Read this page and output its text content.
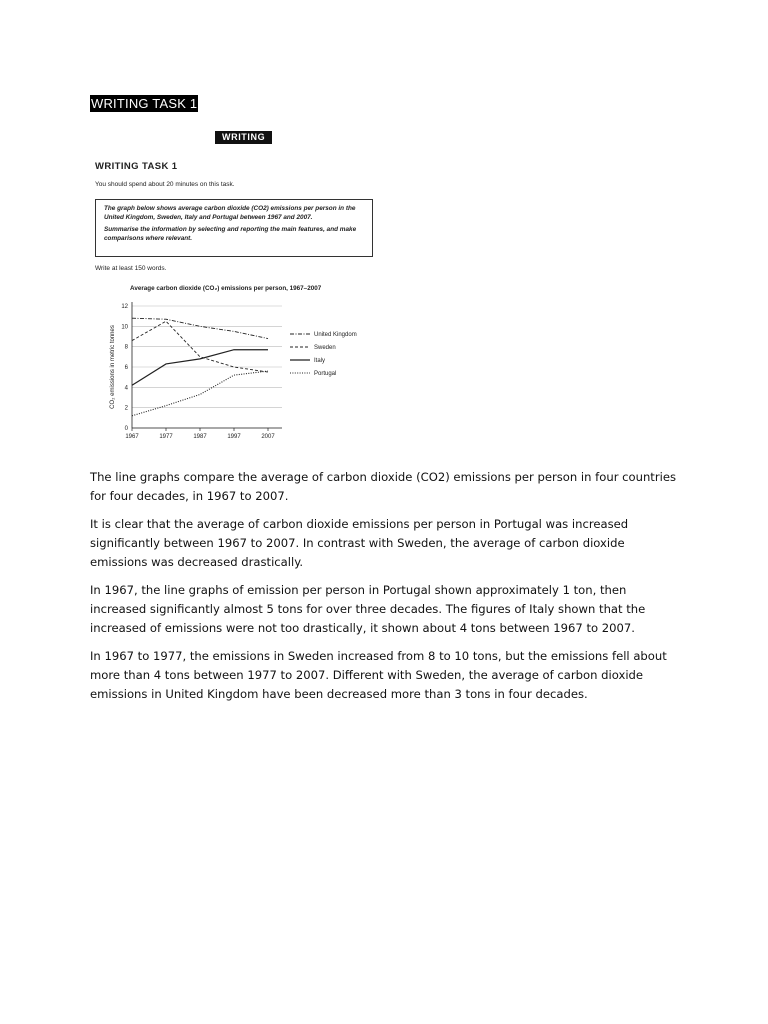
WRITING TASK 1
WRITING
WRITING TASK 1
You should spend about 20 minutes on this task.

The graph below shows average carbon dioxide (CO2) emissions per person in the United Kingdom, Sweden, Italy and Portugal between 1967 and 2007.

Summarise the information by selecting and reporting the main features, and make comparisons where relevant.

Write at least 150 words.
Average carbon dioxide (CO₂) emissions per person, 1967–2007
0
2
4
6
8
10
12
1967	1977	1987	1997	2007
CO₂ emissions in metric tonnes	United Kingdom
Sweden
Italy
Portugal

The line graphs compare the average of carbon dioxide (CO2) emissions per person in four countries for four decades, in 1967 to 2007.

It is clear that the average of carbon dioxide emissions per person in Portugal was increased significantly between 1967 to 2007. In contrast with Sweden, the average of carbon dioxide emissions was decreased drastically.

In 1967, the line graphs of emission per person in Portugal shown approximately 1 ton, then increased significantly almost 5 tons for over three decades. The figures of Italy shown that the increased of emissions were not too drastically, it shown about 4 tons between 1967 to 2007.

In 1967 to 1977, the emissions in Sweden increased from 8 to 10 tons, but the emissions fell about more than 4 tons between 1977 to 2007. Different with Sweden, the average of carbon dioxide emissions in United Kingdom have been decreased more than 3 tons in four decades.
